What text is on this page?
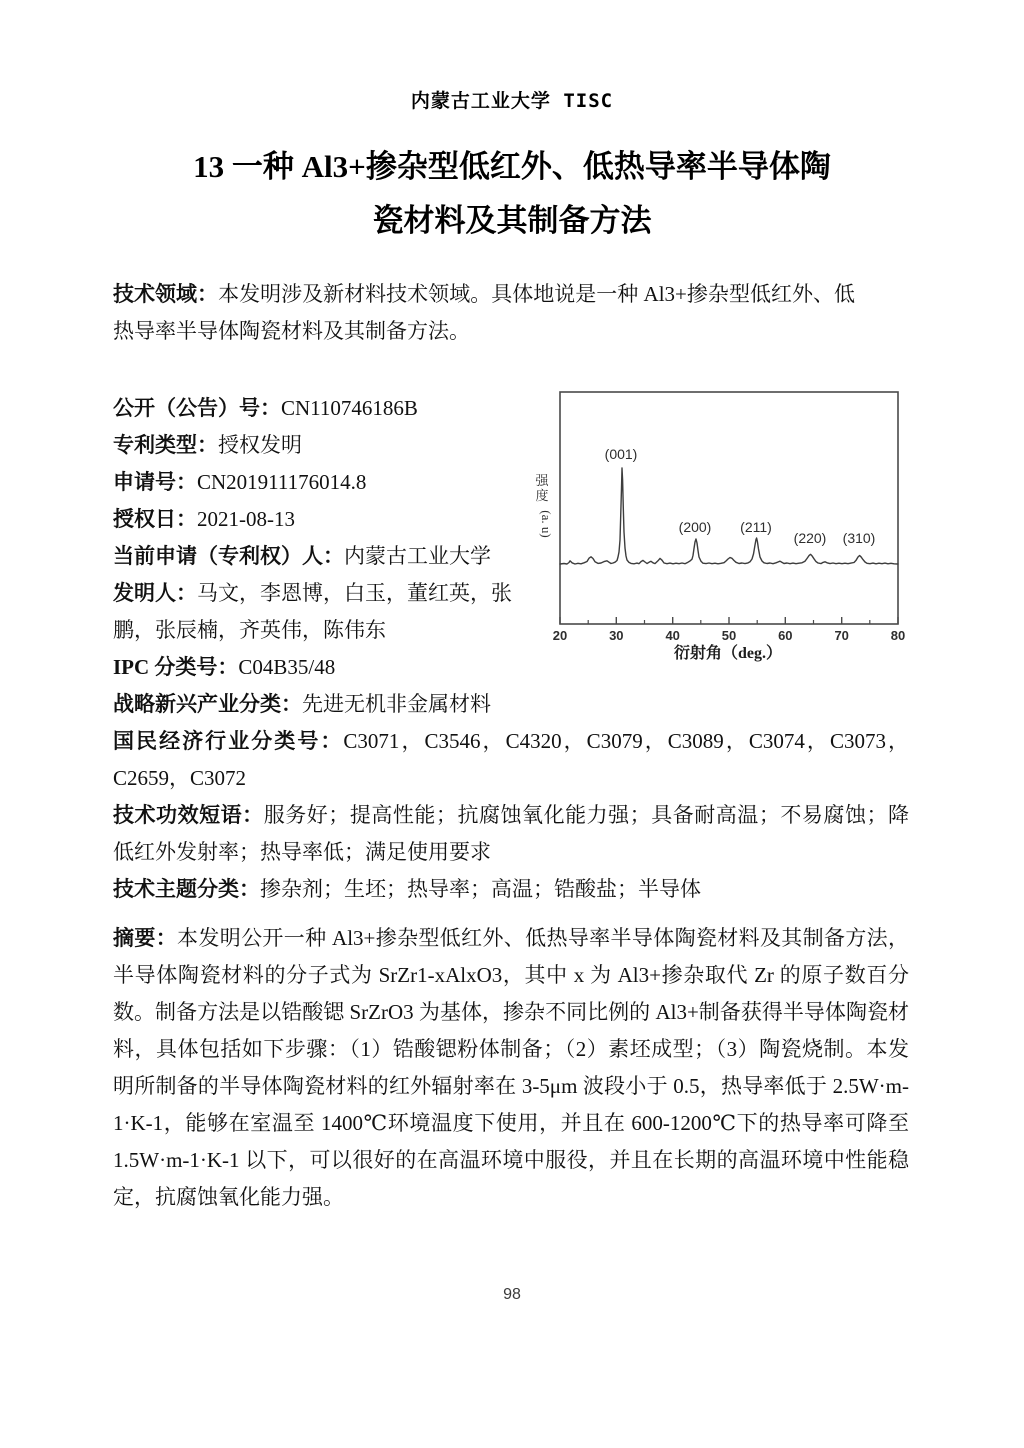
内蒙古工业大学 TISC
13 一种 Al3+掺杂型低红外、低热导率半导体陶
瓷材料及其制备方法

技术领域：本发明涉及新材料技术领域。具体地说是一种 Al3+掺杂型低红外、低热导率半导体陶瓷材料及其制备方法。

公开（公告）号：CN110746186B

专利类型：授权发明

申请号：CN201911176014.8

授权日：2021-08-13

当前申请（专利权）人：内蒙古工业大学

发明人：马文，李恩博，白玉，董红英，张鹏，张辰楠，齐英伟，陈伟东

IPC 分类号：C04B35/48

战略新兴产业分类：先进无机非金属材料

国民经济行业分类号：C3071，C3546，C4320，C3079，C3089，C3074，C3073，C2659，C3072

技术功效短语：服务好；提高性能；抗腐蚀氧化能力强；具备耐高温；不易腐蚀；降低红外发射率；热导率低；满足使用要求

技术主题分类：掺杂剂；生坯；热导率；高温；锆酸盐；半导体

20	30	40	50	60	70	80
(001)
(200) (211)
(220) (310)
衍射角（deg.）
强
度
(a. u)

摘要：本发明公开一种 Al3+掺杂型低红外、低热导率半导体陶瓷材料及其制备方法，半导体陶瓷材料的分子式为 SrZr1-xAlxO3，其中 x 为 Al3+掺杂取代 Zr 的原子数百分数。制备方法是以锆酸锶 SrZrO3 为基体，掺杂不同比例的 Al3+制备获得半导体陶瓷材料，具体包括如下步骤：（1）锆酸锶粉体制备；（2）素坯成型；（3）陶瓷烧制。本发明所制备的半导体陶瓷材料的红外辐射率在 3-5μm 波段小于 0.5，热导率低于 2.5W·m-1·K-1，能够在室温至 1400℃环境温度下使用，并且在 600-1200℃下的热导率可降至 1.5W·m-1·K-1 以下，可以很好的在高温环境中服役，并且在长期的高温环境中性能稳定，抗腐蚀氧化能力强。

98
